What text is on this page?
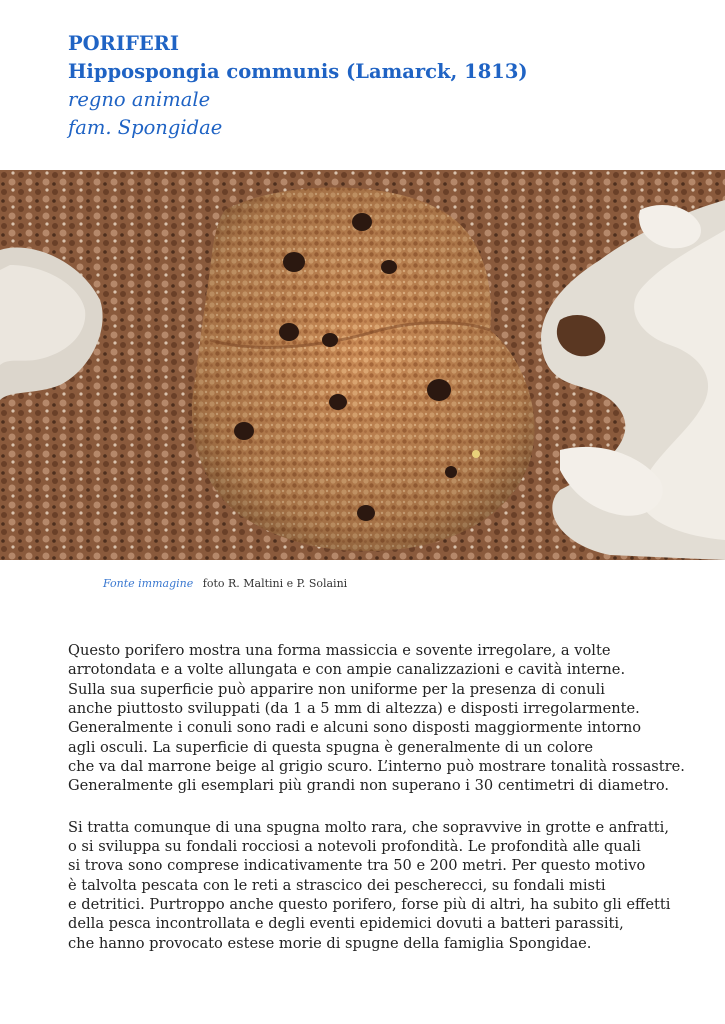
PORIFERI
Hippospongia communis (Lamarck, 1813)
regno animale
fam. Spongidae
Fonte immagine foto R. Maltini e P. Solaini
Questo porifero mostra una forma massiccia e sovente irregolare, a volte
arrotondata e a volte allungata e con ampie canalizzazioni e cavità interne.
Sulla sua superficie può apparire non uniforme per la presenza di conuli
anche piuttosto sviluppati (da 1 a 5 mm di altezza) e disposti irregolarmente.
Generalmente i conuli sono radi e alcuni sono disposti maggiormente intorno
agli osculi. La superficie di questa spugna è generalmente di un colore
che va dal marrone beige al grigio scuro. L’interno può mostrare tonalità rossastre.
Generalmente gli esemplari più grandi non superano i 30 centimetri di diametro.
Si tratta comunque di una spugna molto rara, che sopravvive in grotte e anfratti,
o si sviluppa su fondali rocciosi a notevoli profondità. Le profondità alle quali
si trova sono comprese indicativamente tra 50 e 200 metri. Per questo motivo
è talvolta pescata con le reti a strascico dei pescherecci, su fondali misti
e detritici. Purtroppo anche questo porifero, forse più di altri, ha subito gli effetti
della pesca incontrollata e degli eventi epidemici dovuti a batteri parassiti,
che hanno provocato estese morie di spugne della famiglia Spongidae.
